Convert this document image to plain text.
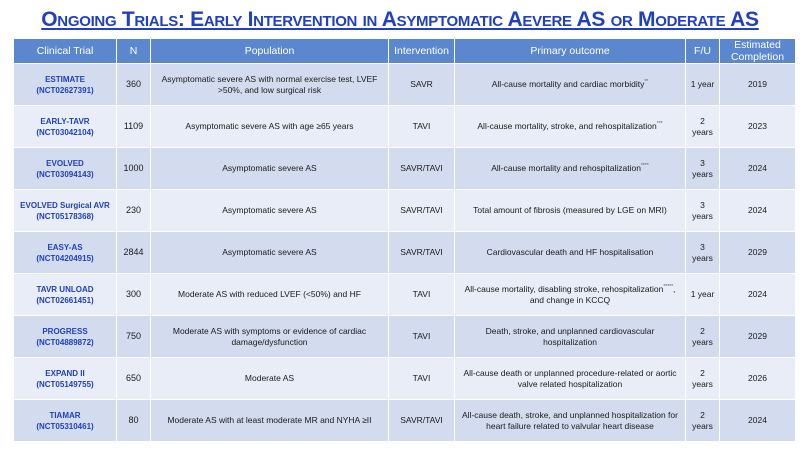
Ongoing Trials: Early Intervention in Asymptomatic Aevere AS or Moderate AS
Clinical Trial	N	Population	Intervention	Primary outcome	F/U	Estimated Completion
ESTIMATE
(NCT02627391)	360	Asymptomatic severe AS with normal exercise test, LVEF >50%, and low surgical risk	SAVR	All-cause mortality and cardiac morbidity**	1 year	2019
EARLY-TAVR
(NCT03042104)	1109	Asymptomatic severe AS with age ≥65 years	TAVI	All-cause mortality, stroke, and rehospitalization***	2 years	2023
EVOLVED
(NCT03094143)	1000	Asymptomatic severe AS	SAVR/TAVI	All-cause mortality and rehospitalization****	3 years	2024
EVOLVED Surgical AVR
(NCT05178368)	230	Asymptomatic severe AS	SAVR/TAVI	Total amount of fibrosis (measured by LGE on MRI)	3 years	2024
EASY-AS
(NCT04204915)	2844	Asymptomatic severe AS	SAVR/TAVI	Cardiovascular death and HF hospitalisation	3 years	2029
TAVR UNLOAD
(NCT02661451)	300	Moderate AS with reduced LVEF (<50%) and HF	TAVI	All-cause mortality, disabling stroke, rehospitalization*****, and change in KCCQ	1 year	2024
PROGRESS
(NCT04889872)	750	Moderate AS with symptoms or evidence of cardiac damage/dysfunction	TAVI	Death, stroke, and unplanned cardiovascular hospitalization	2 years	2029
EXPAND II
(NCT05149755)	650	Moderate AS	TAVI	All-cause death or unplanned procedure-related or aortic valve related hospitalization	2 years	2026
TIAMAR
(NCT05310461)	80	Moderate AS with at least moderate MR and NYHA ≥II	SAVR/TAVI	All-cause death, stroke, and unplanned hospitalization for heart failure related to valvular heart disease	2 years	2024
